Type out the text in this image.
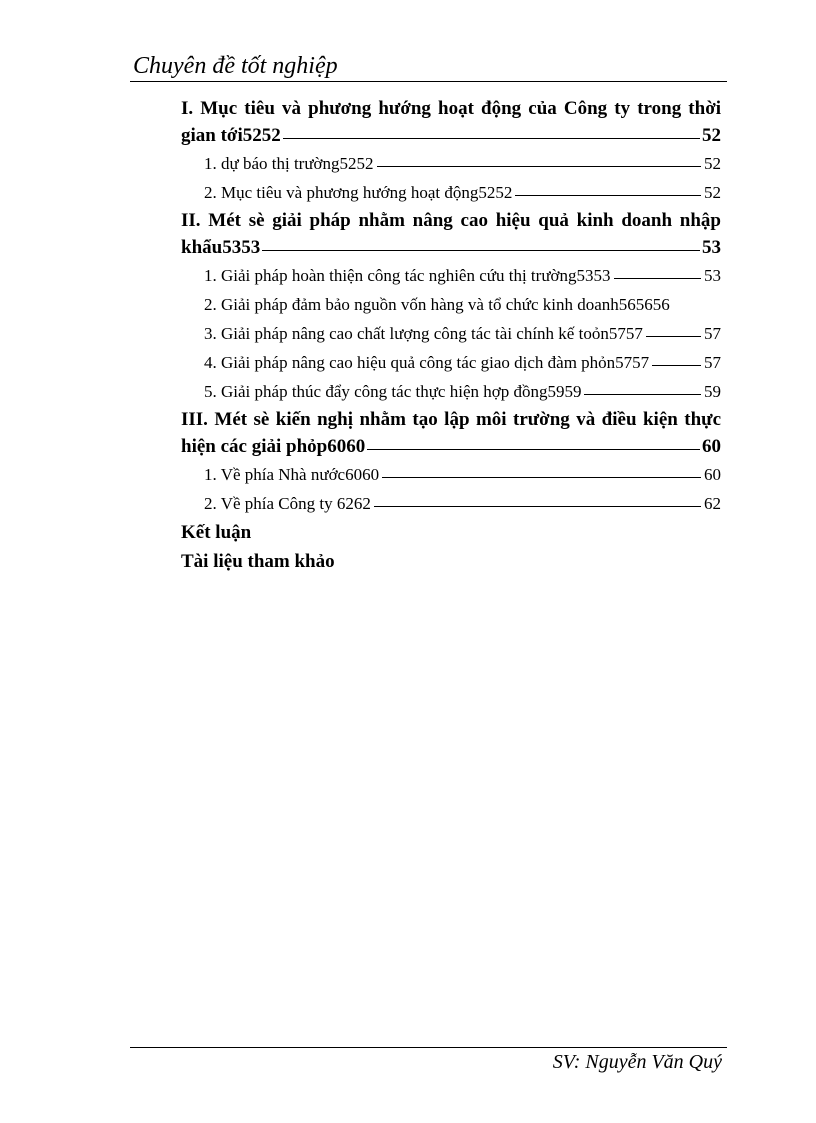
Chuyên đề tốt nghiệp
I. Mục tiêu và phương hướng hoạt động của Công ty trong thời
gian tới5252	52
1. dự báo thị trường5252	52
2. Mục tiêu và phương hướng hoạt động5252	52
II. Mét sè giải pháp nhằm nâng cao hiệu quả kinh doanh nhập
khẩu5353	53
1. Giải pháp hoàn thiện công tác nghiên cứu thị trường5353	53
2. Giải pháp đảm bảo nguồn vốn hàng và tổ chức kinh doanh5656 56
3. Giải pháp nâng cao chất lượng công tác tài chính kế toỏn5757	57
4. Giải pháp nâng cao hiệu quả công tác giao dịch đàm phỏn5757	57
5. Giải pháp thúc đẩy công tác thực hiện hợp đồng5959	59
III. Mét sè kiến nghị nhằm tạo lập môi trường và điều kiện thực
hiện các giải phỏp6060	60
1. Về phía Nhà nước6060	60
2. Về phía Công ty 6262	62
Kết luận
Tài liệu tham khảo
SV: Nguyễn Văn Quý
